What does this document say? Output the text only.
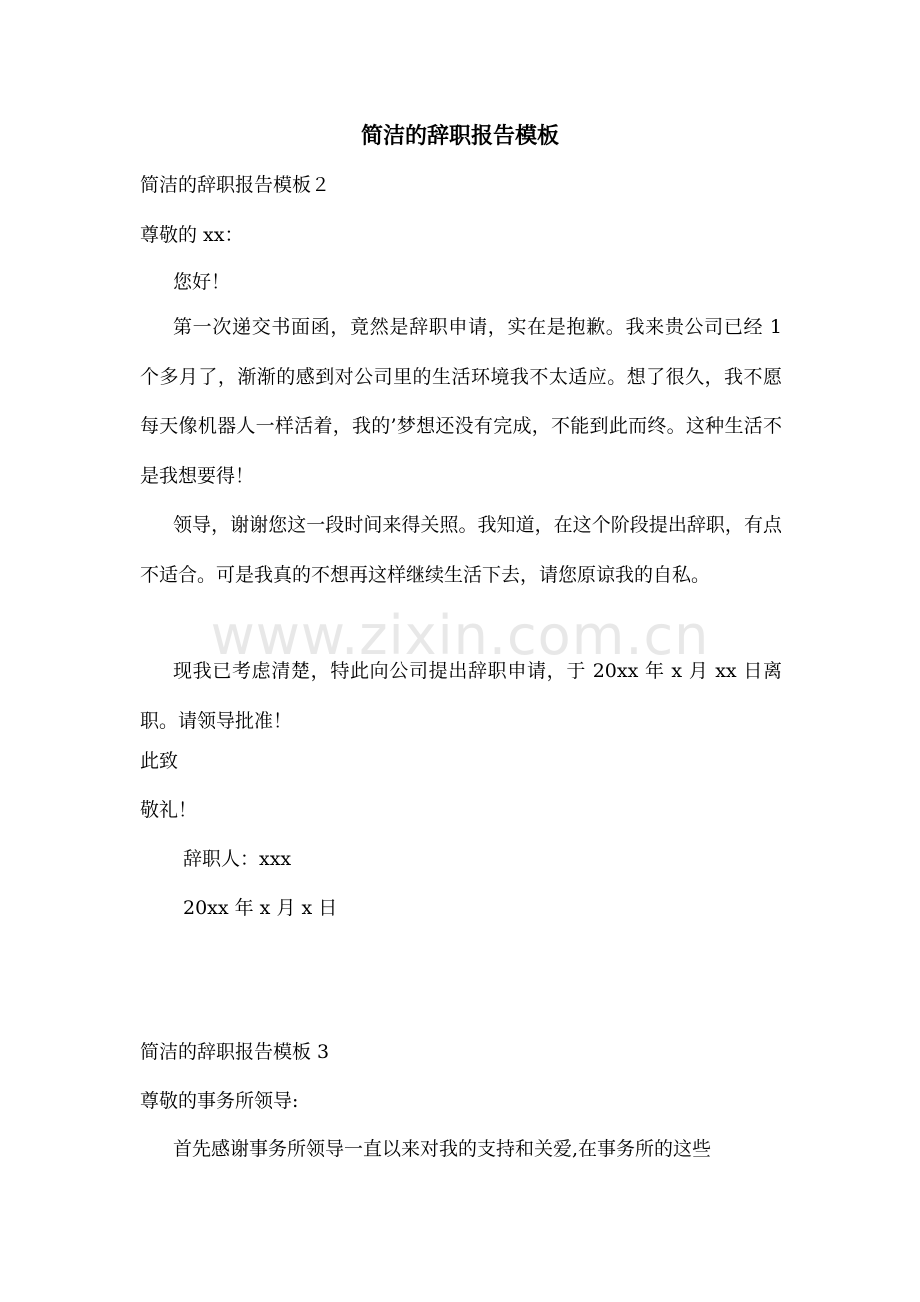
简洁的辞职报告模板

简洁的辞职报告模板２

尊敬的 xx：

您好！

第一次递交书面函，竟然是辞职申请，实在是抱歉。我来贵公司已经 1 个多月了，渐渐的感到对公司里的生活环境我不太适应。想了很久，我不愿每天像机器人一样活着，我的’梦想还没有完成，不能到此而终。这种生活不是我想要得！

领导，谢谢您这一段时间来得关照。我知道，在这个阶段提出辞职，有点不适合。可是我真的不想再这样继续生活下去，请您原谅我的自私。

现我已考虑清楚，特此向公司提出辞职申请，于 20xx 年 x 月 xx 日离职。请领导批准！

此致

敬礼！

辞职人：xxx

20xx 年 x 月 x 日

简洁的辞职报告模板 3

尊敬的事务所领导:

首先感谢事务所领导一直以来对我的支持和关爱,在事务所的这些

www.zixin.com.cn
